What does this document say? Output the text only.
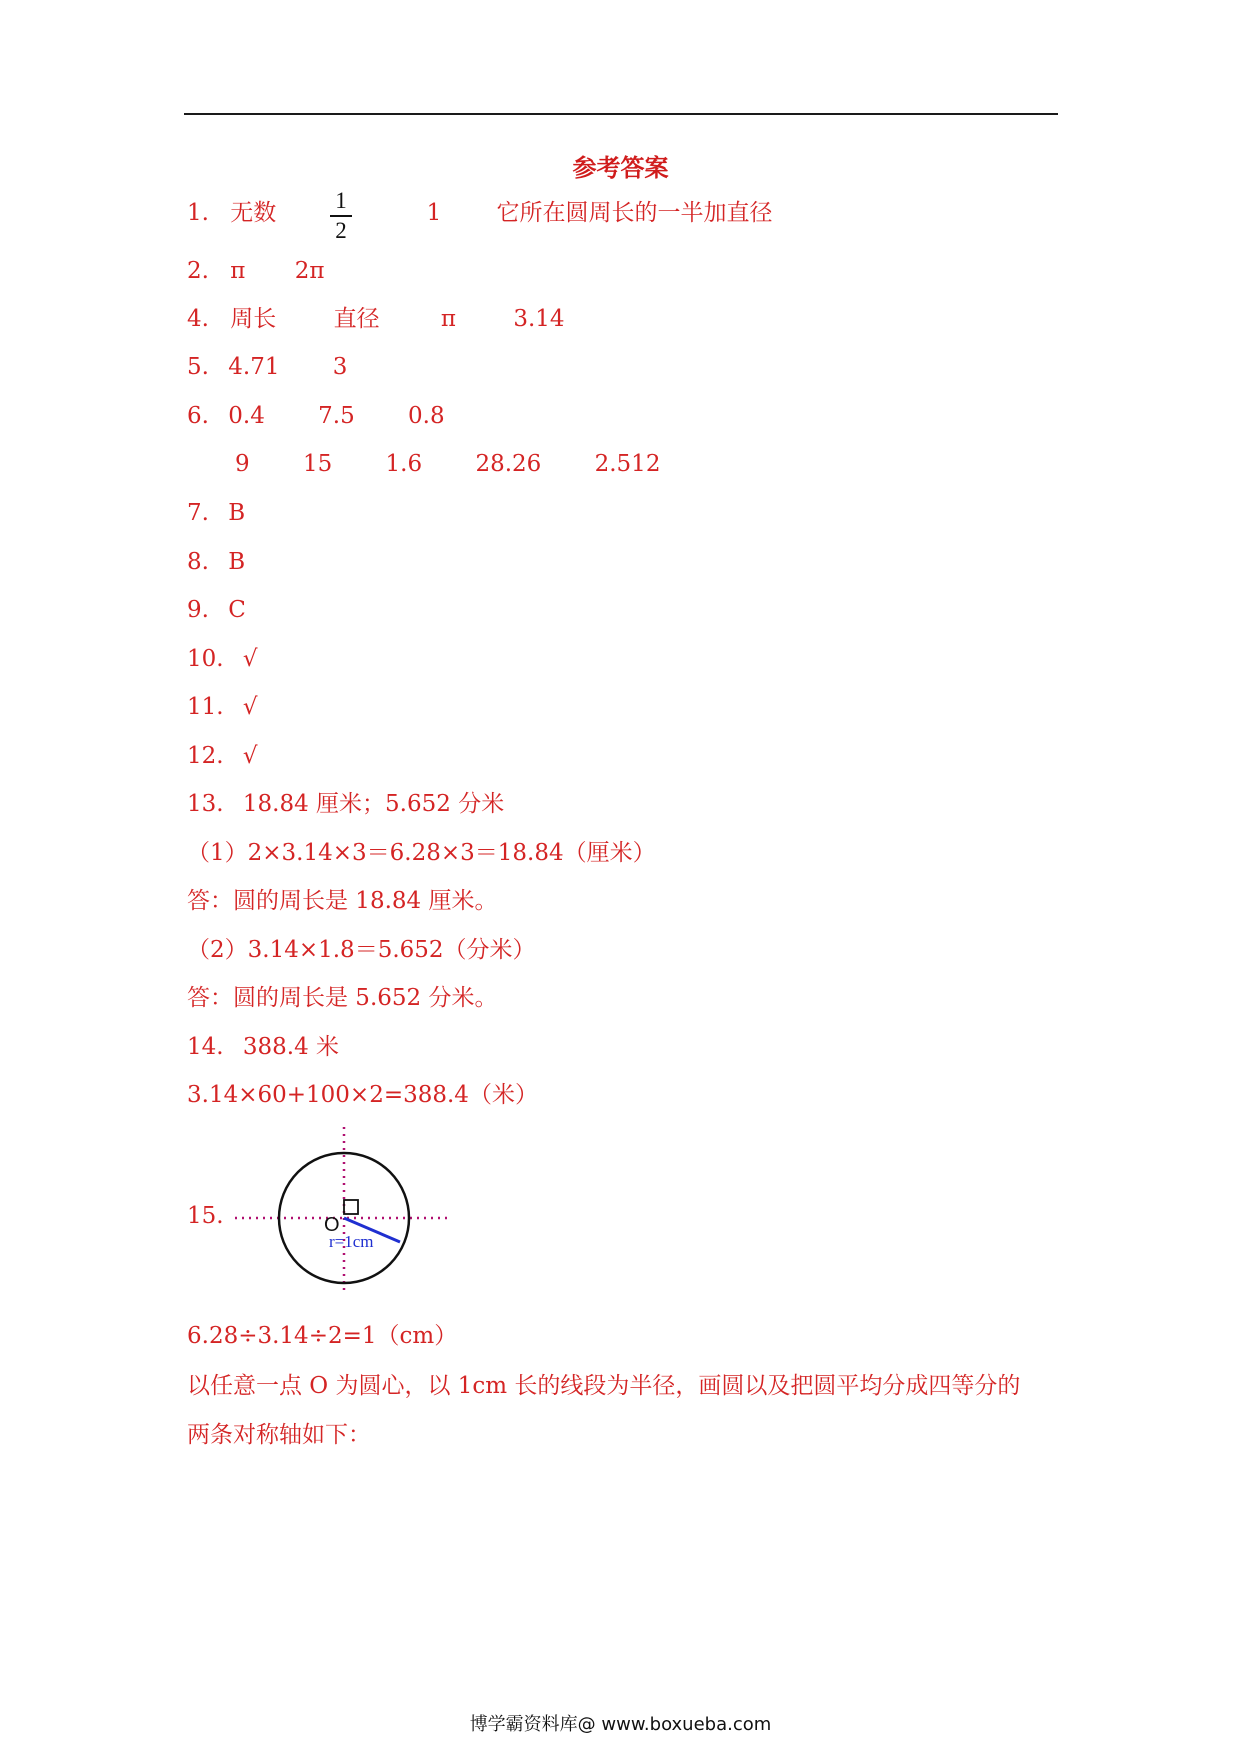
参考答案
1. 无数	1 它所在圆周长的一半加直径
1
2
2. π 2π
4. 周长 直径	π 3.14
5. 4.71 3
6. 0.4 7.5 0.8
9 15 1.6 28.26 2.512
7. B
8. B
9. C
10. √
11. √
12. √
13. 18.84 厘米；5.652 分米
（1）2×3.14×3＝6.28×3＝18.84（厘米）
答：圆的周长是 18.84 厘米。
（2）3.14×1.8＝5.652（分米）
答：圆的周长是 5.652 分米。
14. 388.4 米
3.14×60+100×2=388.4（米）
15.	O
r=1cm
6.28÷3.14÷2=1（cm）
以任意一点 O 为圆心，以 1cm 长的线段为半径，画圆以及把圆平均分成四等分的
两条对称轴如下：
博学霸资料库@ www.boxueba.com
